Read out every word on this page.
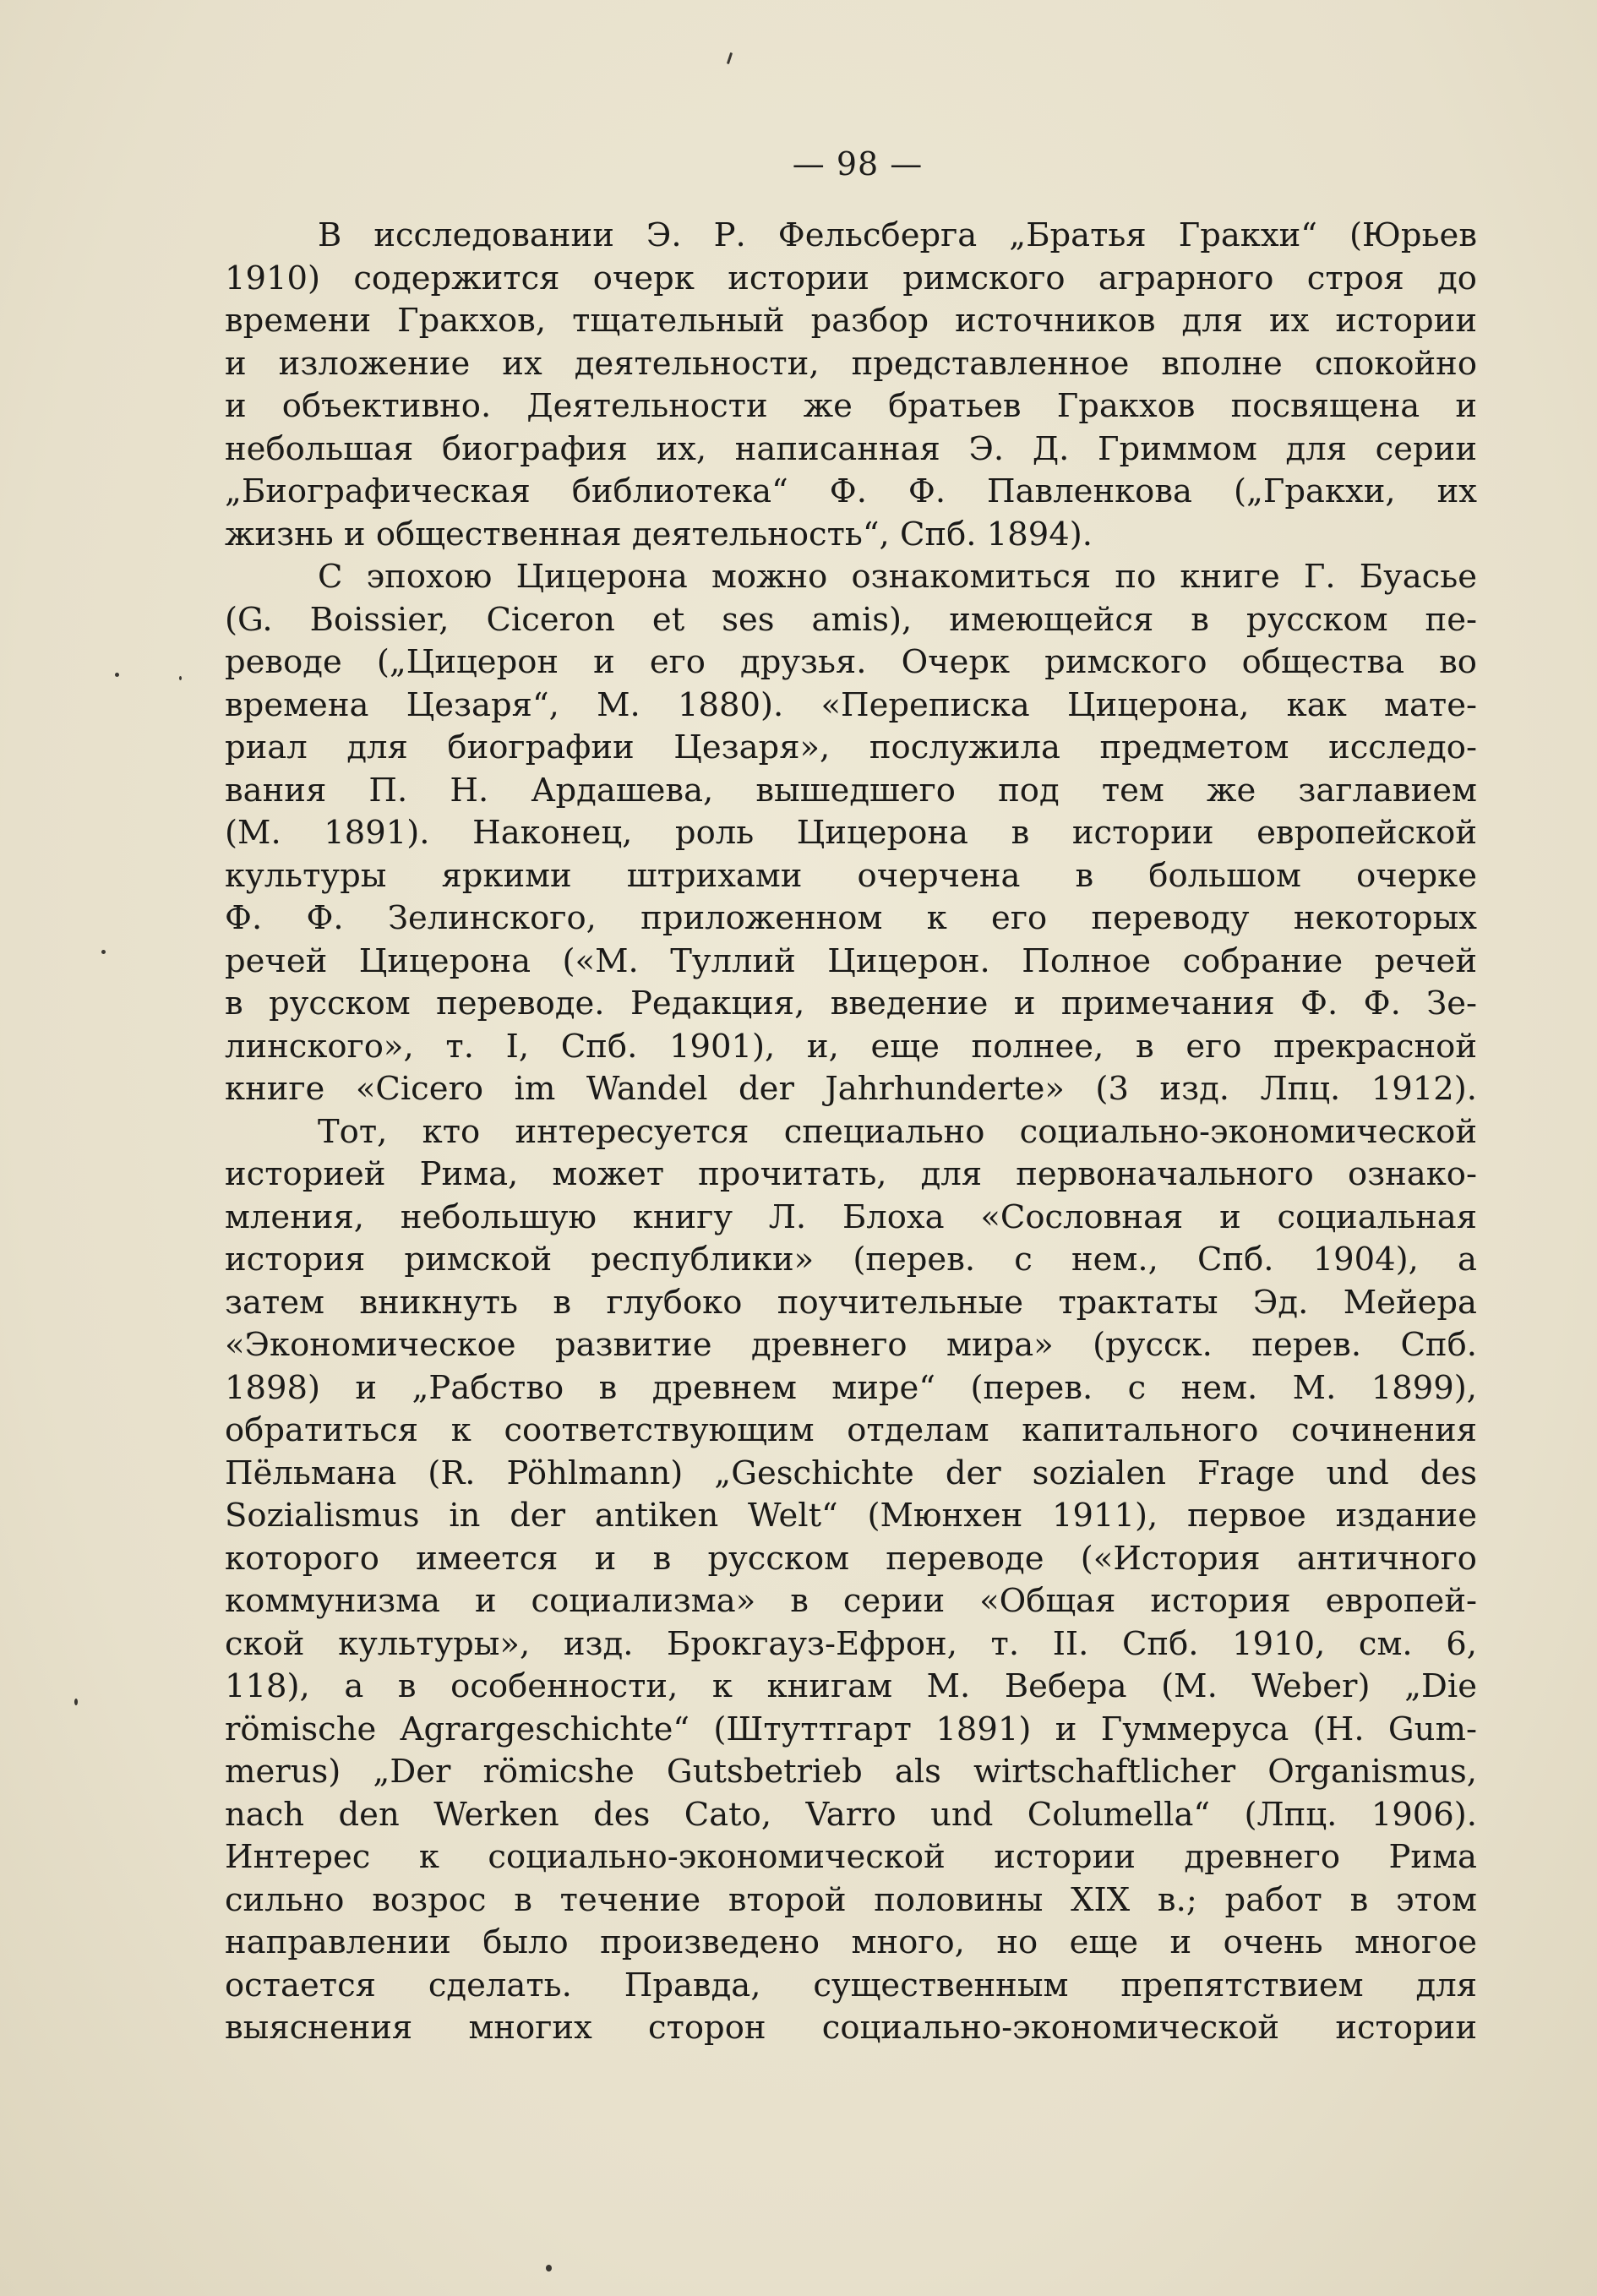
— 98 —
В исследовании Э. Р. Фельсберга „Братья Гракхи“ (Юрьев
1910) содержится очерк истории римского аграрного строя до
времени Гракхов, тщательный разбор источников для их истории
и изложение их деятельности, представленное вполне спокойно
и объективно. Деятельности же братьев Гракхов посвящена и
небольшая биография их, написанная Э. Д. Гриммом для серии
„Биографическая библиотека“ Ф. Ф. Павленкова („Гракхи, их
жизнь и общественная деятельность“, Спб. 1894).
С эпохою Цицерона можно ознакомиться по книге Г. Буасье
(G. Boissier, Cicеron et ses amis), имеющейся в русском пе-
реводе („Цицерон и его друзья. Очерк римского общества во
времена Цезаря“, М. 1880). «Переписка Цицерона, как мате-
риал для биографии Цезаря», послужила предметом исследо-
вания П. Н. Ардашева, вышедшего под тем же заглавием
(М. 1891). Наконец, роль Цицерона в истории европейской
культуры яркими штрихами очерчена в большом очерке
Ф. Ф. Зелинского, приложенном к его переводу некоторых
речей Цицерона («М. Туллий Цицерон. Полное собрание речей
в русском переводе. Редакция, введение и примечания Ф. Ф. Зе-
линского», т. I, Спб. 1901), и, еще полнее, в его прекрасной
книге «Cicero im Wandel der Jahrhunderte» (3 изд. Лпц. 1912).
Тот, кто интересуется специально социально-экономической
историей Рима, может прочитать, для первоначального ознако-
мления, небольшую книгу Л. Блоха «Сословная и социальная
история римской республики» (перев. с нем., Спб. 1904), а
затем вникнуть в глубоко поучительные трактаты Эд. Мейера
«Экономическое развитие древнего мира» (русск. перев. Спб.
1898) и „Рабство в древнем мире“ (перев. с нем. М. 1899),
обратиться к соответствующим отделам капитального сочинения
Пёльмана (R. Pöhlmann) „Geschichte der sozialen Frage und des
Sozialismus in der antiken Welt“ (Мюнхен 1911), первое издание
которого имеется и в русском переводе («История античного
коммунизма и социализма» в серии «Общая история европей-
ской культуры», изд. Брокгауз-Ефрон, т. II. Спб. 1910, см. 6,
118), а в особенности, к книгам М. Вебера (M. Weber) „Die
römische Agrargeschichte“ (Штуттгарт 1891) и Гуммеруса (H. Gum-
merus) „Der römicshe Gutsbetrieb als wirtschaftlicher Organismus,
nach den Werken des Cato, Varro und Columella“ (Лпц. 1906).
Интерес к социально-экономической истории древнего Рима
сильно возрос в течение второй половины XIX в.; работ в этом
направлении было произведено много, но еще и очень многое
остается сделать. Правда, существенным препятствием для
выяснения многих сторон социально-экономической истории
